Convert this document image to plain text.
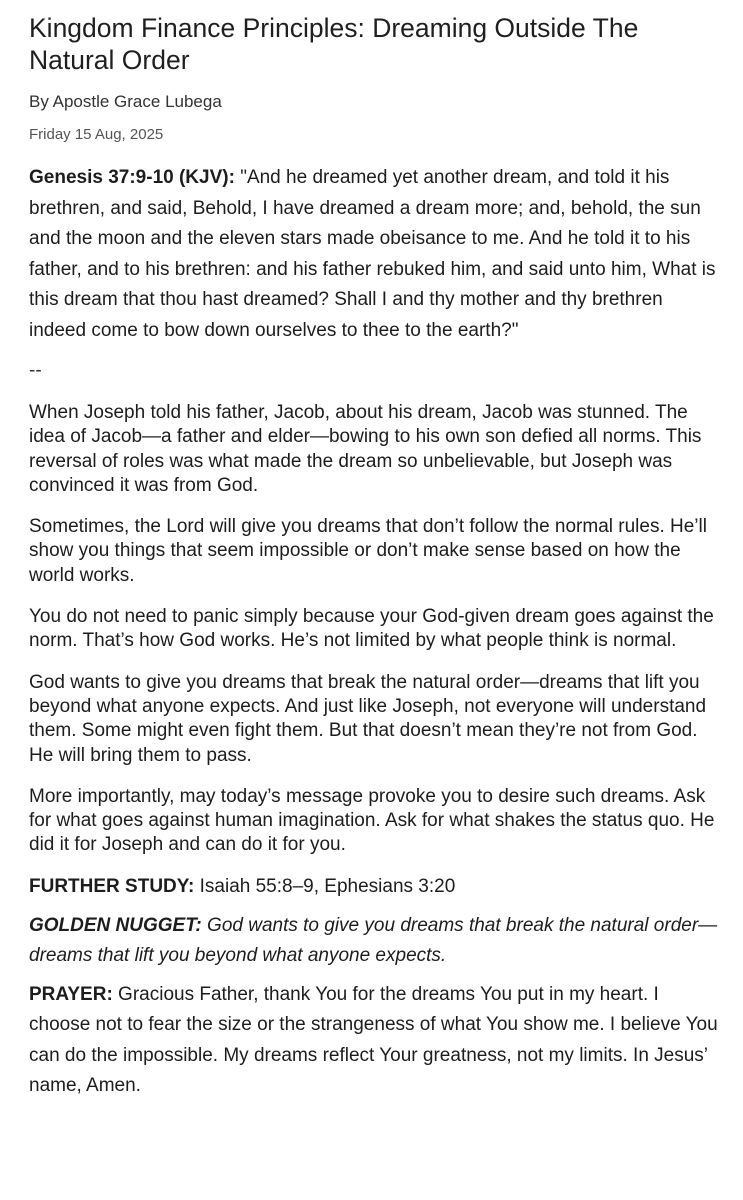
Kingdom Finance Principles: Dreaming Outside The Natural Order
By Apostle Grace Lubega
Friday 15 Aug, 2025
Genesis 37:9-10 (KJV): "And he dreamed yet another dream, and told it his brethren, and said, Behold, I have dreamed a dream more; and, behold, the sun and the moon and the eleven stars made obeisance to me. And he told it to his father, and to his brethren: and his father rebuked him, and said unto him, What is this dream that thou hast dreamed? Shall I and thy mother and thy brethren indeed come to bow down ourselves to thee to the earth?"
--
When Joseph told his father, Jacob, about his dream, Jacob was stunned. The idea of Jacob—a father and elder—bowing to his own son defied all norms. This reversal of roles was what made the dream so unbelievable, but Joseph was convinced it was from God.
Sometimes, the Lord will give you dreams that don’t follow the normal rules. He’ll show you things that seem impossible or don’t make sense based on how the world works.
You do not need to panic simply because your God-given dream goes against the norm. That’s how God works. He’s not limited by what people think is normal.
God wants to give you dreams that break the natural order—dreams that lift you beyond what anyone expects. And just like Joseph, not everyone will understand them. Some might even fight them. But that doesn’t mean they’re not from God. He will bring them to pass.
More importantly, may today’s message provoke you to desire such dreams. Ask for what goes against human imagination. Ask for what shakes the status quo. He did it for Joseph and can do it for you.
FURTHER STUDY: Isaiah 55:8–9, Ephesians 3:20
GOLDEN NUGGET: God wants to give you dreams that break the natural order— dreams that lift you beyond what anyone expects.
PRAYER: Gracious Father, thank You for the dreams You put in my heart. I choose not to fear the size or the strangeness of what You show me. I believe You can do the impossible. My dreams reflect Your greatness, not my limits. In Jesus’ name, Amen.
